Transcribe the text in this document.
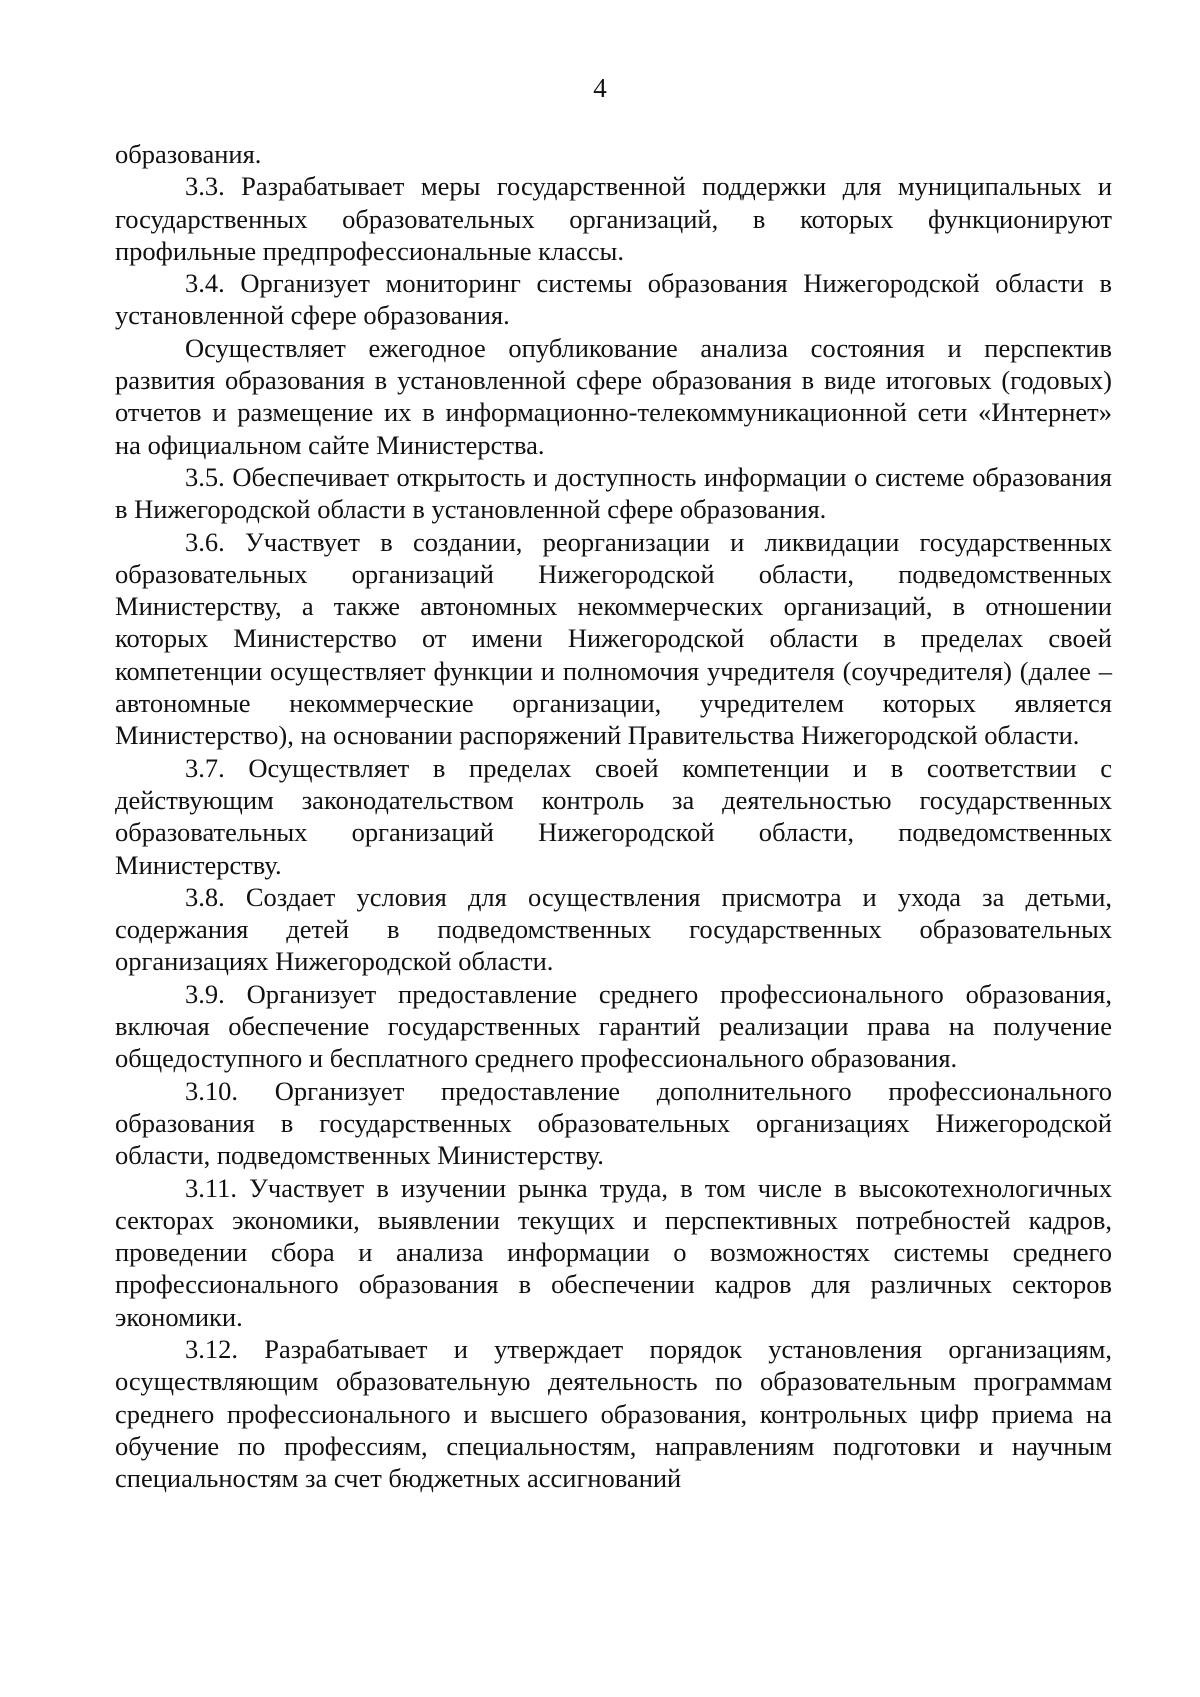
4

образования.

3.3. Разрабатывает меры государственной поддержки для муниципальных и государственных образовательных организаций, в которых функционируют профильные предпрофессиональные классы.

3.4. Организует мониторинг системы образования Нижегородской области в установленной сфере образования.

Осуществляет ежегодное опубликование анализа состояния и перспектив развития образования в установленной сфере образования в виде итоговых (годовых) отчетов и размещение их в информационно-телекоммуникационной сети «Интернет» на официальном сайте Министерства.

3.5. Обеспечивает открытость и доступность информации о системе образования в Нижегородской области в установленной сфере образования.

3.6. Участвует в создании, реорганизации и ликвидации государственных образовательных организаций Нижегородской области, подведомственных Министерству, а также автономных некоммерческих организаций, в отношении которых Министерство от имени Нижегородской области в пределах своей компетенции осуществляет функции и полномочия учредителя (соучредителя) (далее – автономные некоммерческие организации, учредителем которых является Министерство), на основании распоряжений Правительства Нижегородской области.

3.7. Осуществляет в пределах своей компетенции и в соответствии с действующим законодательством контроль за деятельностью государственных образовательных организаций Нижегородской области, подведомственных Министерству.

3.8. Создает условия для осуществления присмотра и ухода за детьми, содержания детей в подведомственных государственных образовательных организациях Нижегородской области.

3.9. Организует предоставление среднего профессионального образования, включая обеспечение государственных гарантий реализации права на получение общедоступного и бесплатного среднего профессионального образования.

3.10. Организует предоставление дополнительного профессионального образования в государственных образовательных организациях Нижегородской области, подведомственных Министерству.

3.11. Участвует в изучении рынка труда, в том числе в высокотехнологичных секторах экономики, выявлении текущих и перспективных потребностей кадров, проведении сбора и анализа информации о возможностях системы среднего профессионального образования в обеспечении кадров для различных секторов экономики.

3.12. Разрабатывает и утверждает порядок установления организациям, осуществляющим образовательную деятельность по образовательным программам среднего профессионального и высшего образования, контрольных цифр приема на обучение по профессиям, специальностям, направлениям подготовки и научным специальностям за счет бюджетных ассигнований
